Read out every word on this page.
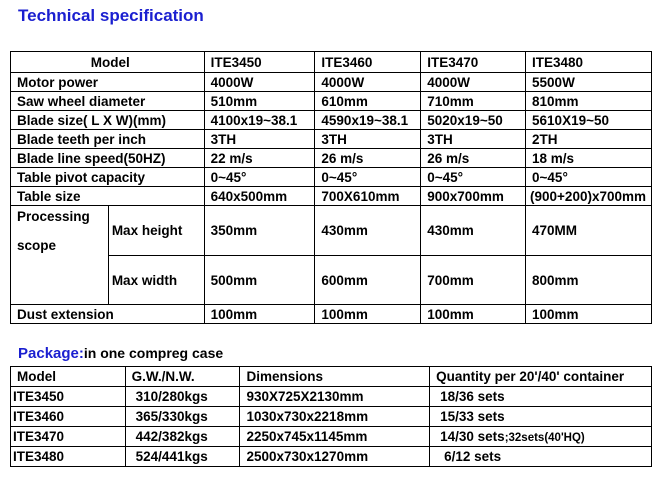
Technical specification
Model		ITE3450	ITE3460	ITE3470	ITE3480
Motor power		4000W	4000W	4000W	5500W
Saw wheel diameter		510mm	610mm	710mm	810mm
Blade size( L X W)(mm)		4100x19~38.1	4590x19~38.1	5020x19~50	5610X19~50
Blade teeth per inch		3TH	3TH	3TH	2TH
Blade line speed(50HZ)		22 m/s	26 m/s	26 m/s	18 m/s
Table pivot capacity		0~45°	0~45°	0~45°	0~45°
Table size		640x500mm	700X610mm	900x700mm	(900+200)x700mm

Processing
scope	Max height	350mm	430mm	430mm	470MM
	Max width	500mm	600mm	700mm	800mm
Dust extension		100mm	100mm	100mm	100mm
Package:in one compreg case
Model	G.W./N.W.	Dimensions	Quantity per 20'/40' container
ITE3450	310/280kgs	930X725X2130mm	18/36 sets
ITE3460	365/330kgs	1030x730x2218mm	15/33 sets
ITE3470	442/382kgs	2250x745x1145mm	14/30 sets;32sets(40'HQ)
ITE3480	524/441kgs	2500x730x1270mm	6/12 sets
